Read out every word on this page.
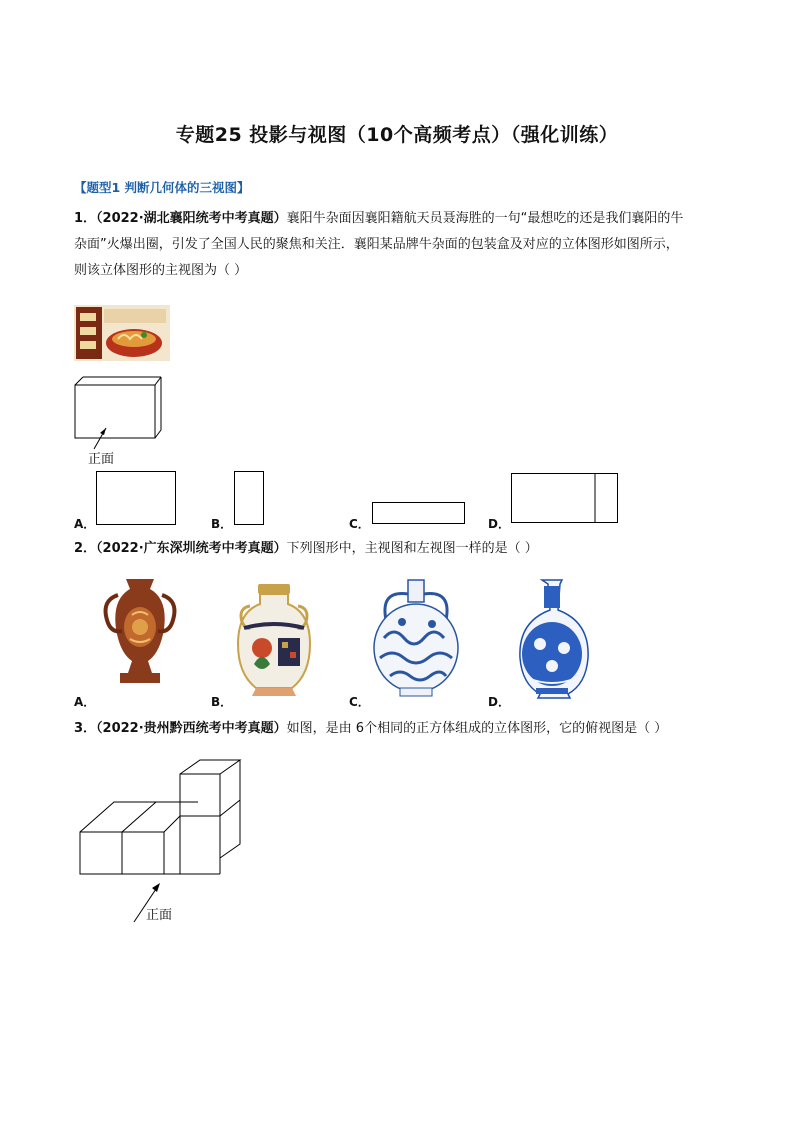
专题25 投影与视图（10个高频考点）（强化训练）
【题型1 判断几何体的三视图】
1．（2022·湖北襄阳统考中考真题）襄阳牛杂面因襄阳籍航天员聂海胜的一句“最想吃的还是我们襄阳的牛
杂面”火爆出圈，引发了全国人民的聚焦和关注．襄阳某品牌牛杂面的包装盒及对应的立体图形如图所示，
则该立体图形的主视图为（ ）
正面
A．	B．	C．	D．
2．（2022·广东深圳统考中考真题）下列图形中，主视图和左视图一样的是（ ）
A．	B．	C．	D．
3．（2022·贵州黔西统考中考真题）如图，是由 6个相同的正方体组成的立体图形，它的俯视图是（ ）
正面
